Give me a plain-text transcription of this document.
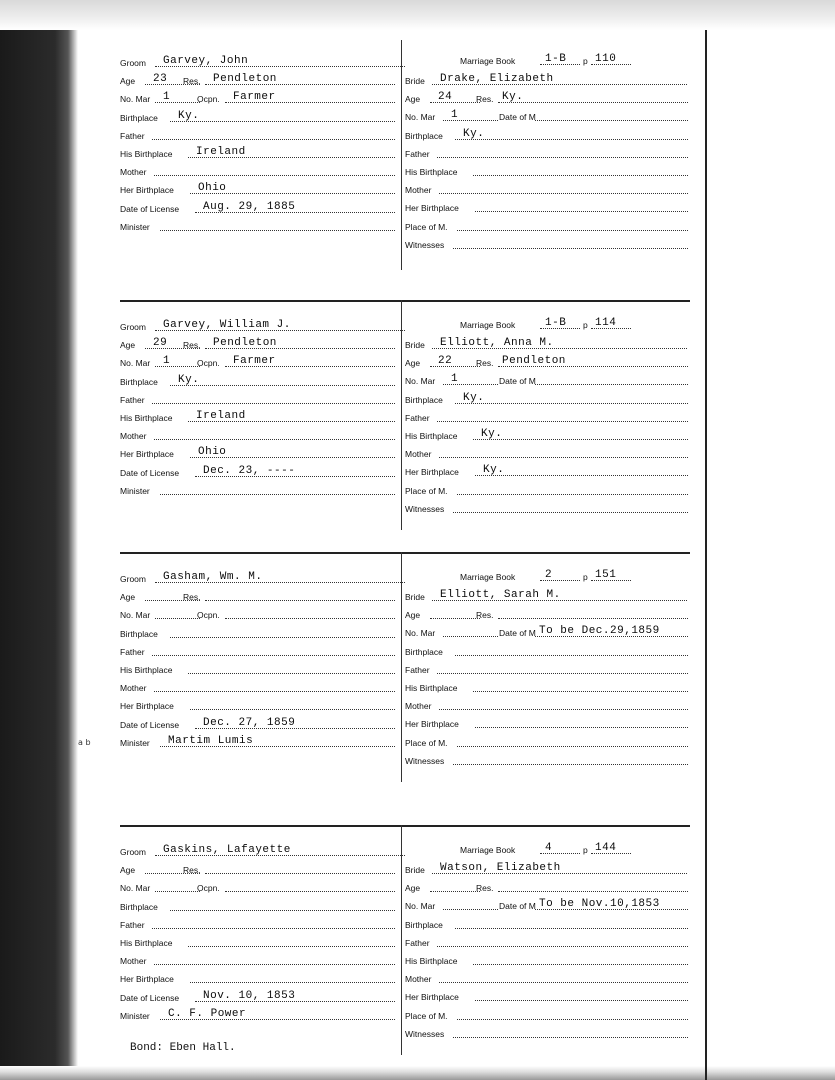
a b
Groom Garvey, John
Age 23 Res. Pendleton
No. Mar 1	Ocpn. Farmer
Birthplace Ky.
Father
His Birthplace Ireland
Mother
Her Birthplace Ohio
Date of License Aug. 29, 1885
Minister
Marriage Book	1-B p 110
Bride Drake, Elizabeth
Age 24	Res. Ky.
No. Mar 1	Date of M
Birthplace Ky.
Father
His Birthplace
Mother
Her Birthplace
Place of M.
Witnesses
Groom Garvey, William J.
Age 29 Res. Pendleton
No. Mar 1	Ocpn. Farmer
Birthplace Ky.
Father
His Birthplace Ireland
Mother
Her Birthplace Ohio
Date of License Dec. 23, ----
Minister
Marriage Book	1-B p 114
Bride Elliott, Anna M.
Age 22	Res. Pendleton
No. Mar 1	Date of M
Birthplace Ky.
Father
His Birthplace Ky.
Mother
Her Birthplace Ky.
Place of M.
Witnesses
Groom Gasham, Wm. M.
Age	Res.
No. Mar	Ocpn.
Birthplace
Father
His Birthplace
Mother
Her Birthplace
Date of License Dec. 27, 1859
Minister Martim Lumis
Marriage Book	2	p 151
Bride Elliott, Sarah M.
Age	Res.
No. Mar	Date of M To be Dec.29,1859
Birthplace
Father
His Birthplace
Mother
Her Birthplace
Place of M.
Witnesses
Groom Gaskins, Lafayette
Age	Res.
No. Mar	Ocpn.
Birthplace
Father
His Birthplace
Mother
Her Birthplace
Date of License Nov. 10, 1853
Minister C. F. Power
Marriage Book	4	p 144
Bride Watson, Elizabeth
Age	Res.
No. Mar	Date of M To be Nov.10,1853
Birthplace
Father
His Birthplace
Mother
Her Birthplace
Place of M.
Witnesses
Bond: Eben Hall.
